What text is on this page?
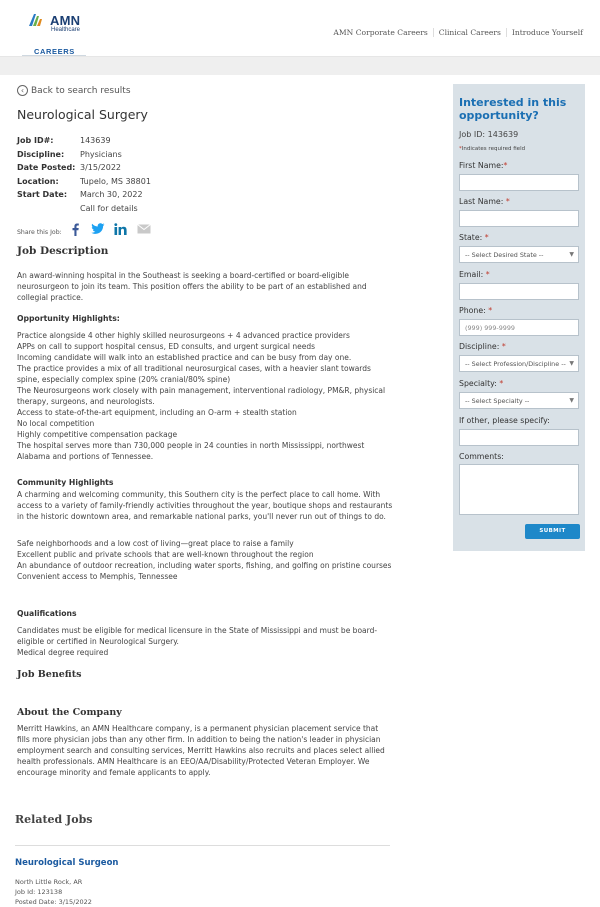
AMN
Healthcare
CAREERS
AMN Corporate Careers	Clinical Careers	Introduce Yourself
‹ Back to search results
Neurological Surgery
Job ID#:	143639
Discipline:	Physicians
Date Posted: 3/15/2022
Location:	Tupelo, MS 38801
Start Date:	March 30, 2022
Call for details
Share this Job:
Job Description

An award-winning hospital in the Southeast is seeking a board-certified or board-eligible neurosurgeon to join its team. This position offers the ability to be part of an established and collegial practice.

Opportunity Highlights:
Practice alongside 4 other highly skilled neurosurgeons + 4 advanced practice providers
APPs on call to support hospital census, ED consults, and urgent surgical needs
Incoming candidate will walk into an established practice and can be busy from day one.
The practice provides a mix of all traditional neurosurgical cases, with a heavier slant towards spine, especially complex spine (20% cranial/80% spine)
The Neurosurgeons work closely with pain management, interventional radiology, PM&R, physical therapy, surgeons, and neurologists.
Access to state-of-the-art equipment, including an O-arm + stealth station
No local competition
Highly competitive compensation package
The hospital serves more than 730,000 people in 24 counties in north Mississippi, northwest Alabama and portions of Tennessee.
Community Highlights

A charming and welcoming community, this Southern city is the perfect place to call home. With access to a variety of family-friendly activities throughout the year, boutique shops and restaurants in the historic downtown area, and remarkable national parks, you'll never run out of things to do.

Safe neighborhoods and a low cost of living—great place to raise a family
Excellent public and private schools that are well-known throughout the region
An abundance of outdoor recreation, including water sports, fishing, and golfing on pristine courses
Convenient access to Memphis, Tennessee
Qualifications
Candidates must be eligible for medical licensure in the State of Mississippi and must be board-eligible or certified in Neurological Surgery.
Medical degree required
Job Benefits
About the Company

Merritt Hawkins, an AMN Healthcare company, is a permanent physician placement service that fills more physician jobs than any other firm. In addition to being the nation's leader in physician employment search and consulting services, Merritt Hawkins also recruits and places select allied health professionals. AMN Healthcare is an EEO/AA/Disability/Protected Veteran Employer. We encourage minority and female applicants to apply.

Related Jobs
Neurological Surgeon
North Little Rock, AR
Job Id: 123138
Posted Date: 3/15/2022
Interested in this opportunity?
Job ID: 143639
*Indicates required field
First Name:*
Last Name: *
State: *
-- Select Desired State --	▼
Email: *
Phone: *
(999) 999-9999
Discipline: *
-- Select Profession/Discipline -- ▼
Specialty: *
-- Select Specialty --	▼
If other, please specify:
Comments:
SUBMIT
